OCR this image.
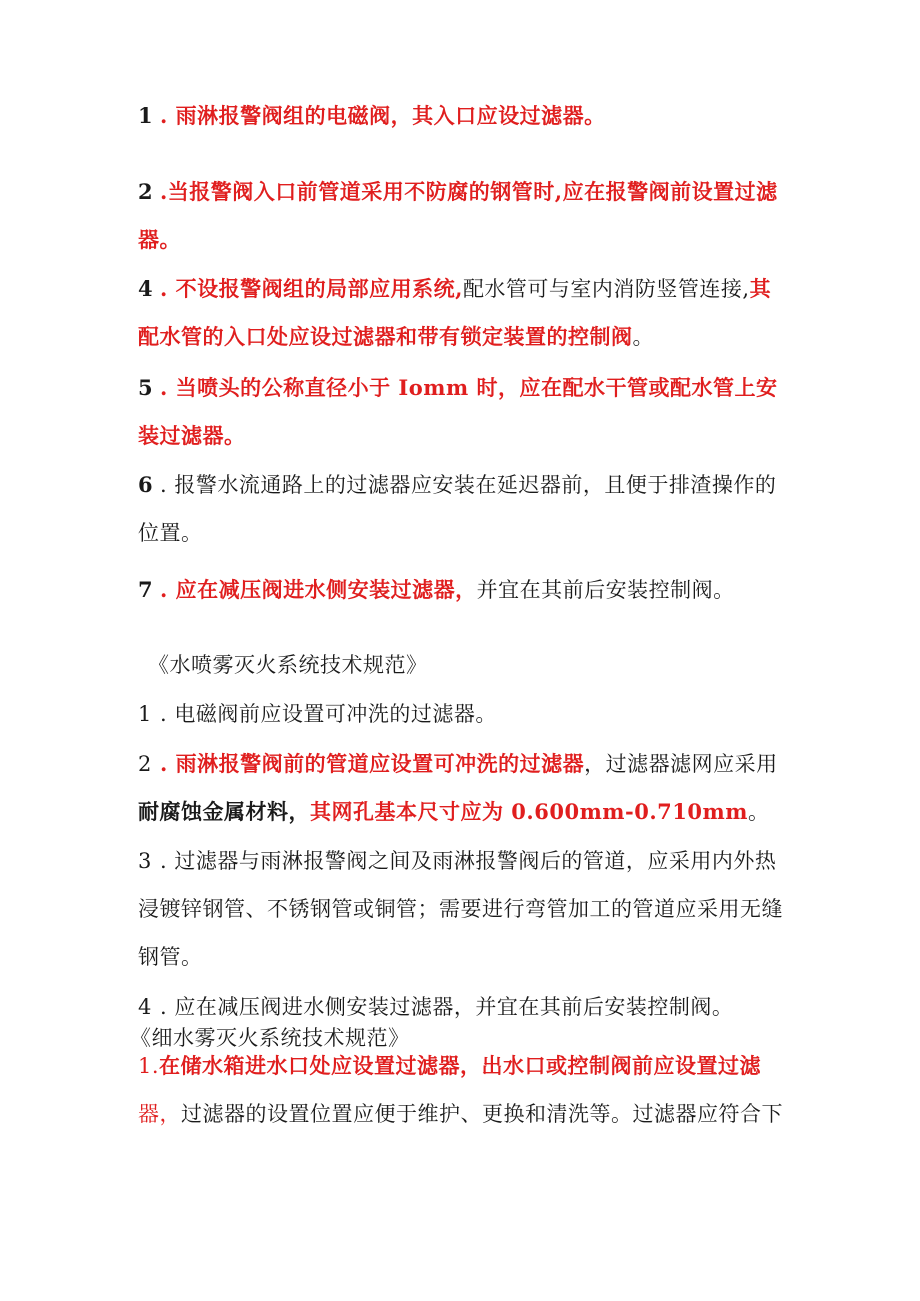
1 . 雨淋报警阀组的电磁阀，其入口应设过滤器。
2 .当报警阀入口前管道采用不防腐的钢管时,应在报警阀前设置过滤器。
4 . 不设报警阀组的局部应用系统,配水管可与室内消防竖管连接,其配水管的入口处应设过滤器和带有锁定装置的控制阀。
5 . 当喷头的公称直径小于 Iomm 时，应在配水干管或配水管上安装过滤器。
6 . 报警水流通路上的过滤器应安装在延迟器前，且便于排渣操作的位置。
7 . 应在减压阀进水侧安装过滤器，并宜在其前后安装控制阀。
《水喷雾灭火系统技术规范》
1 . 电磁阀前应设置可冲洗的过滤器。
2 . 雨淋报警阀前的管道应设置可冲洗的过滤器，过滤器滤网应采用耐腐蚀金属材料，其网孔基本尺寸应为 0.600mm-0.710mm。
3 . 过滤器与雨淋报警阀之间及雨淋报警阀后的管道，应采用内外热浸镀锌钢管、不锈钢管或铜管；需要进行弯管加工的管道应采用无缝钢管。
4 . 应在减压阀进水侧安装过滤器，并宜在其前后安装控制阀。
《细水雾灭火系统技术规范》
1.在储水箱进水口处应设置过滤器，出水口或控制阀前应设置过滤器，过滤器的设置位置应便于维护、更换和清洗等。过滤器应符合下
